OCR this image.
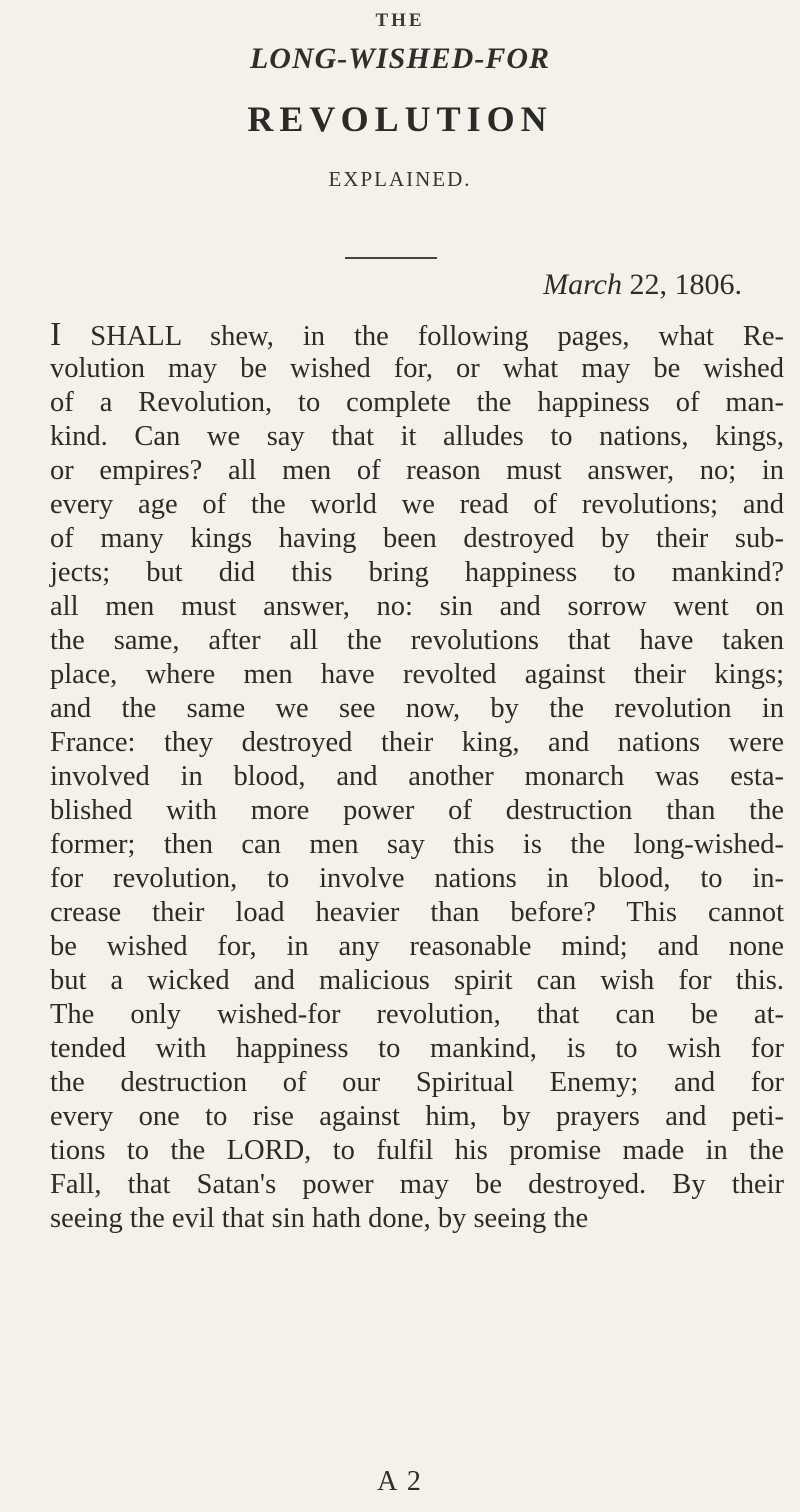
THE
LONG-WISHED-FOR
REVOLUTION
EXPLAINED.
March 22, 1806.
I SHALL shew, in the following pages, what Re-
volution may be wished for, or what may be wished
of a Revolution, to complete the happiness of man-
kind. Can we say that it alludes to nations, kings,
or empires? all men of reason must answer, no; in
every age of the world we read of revolutions; and
of many kings having been destroyed by their sub-
jects; but did this bring happiness to mankind?
all men must answer, no: sin and sorrow went on
the same, after all the revolutions that have taken
place, where men have revolted against their kings;
and the same we see now, by the revolution in
France: they destroyed their king, and nations were
involved in blood, and another monarch was esta-
blished with more power of destruction than the
former; then can men say this is the long-wished-
for revolution, to involve nations in blood, to in-
crease their load heavier than before? This cannot
be wished for, in any reasonable mind; and none
but a wicked and malicious spirit can wish for this.
The only wished-for revolution, that can be at-
tended with happiness to mankind, is to wish for
the destruction of our Spiritual Enemy; and for
every one to rise against him, by prayers and peti-
tions to the LORD, to fulfil his promise made in the
Fall, that Satan's power may be destroyed. By their
seeing the evil that sin hath done, by seeing the
A 2
